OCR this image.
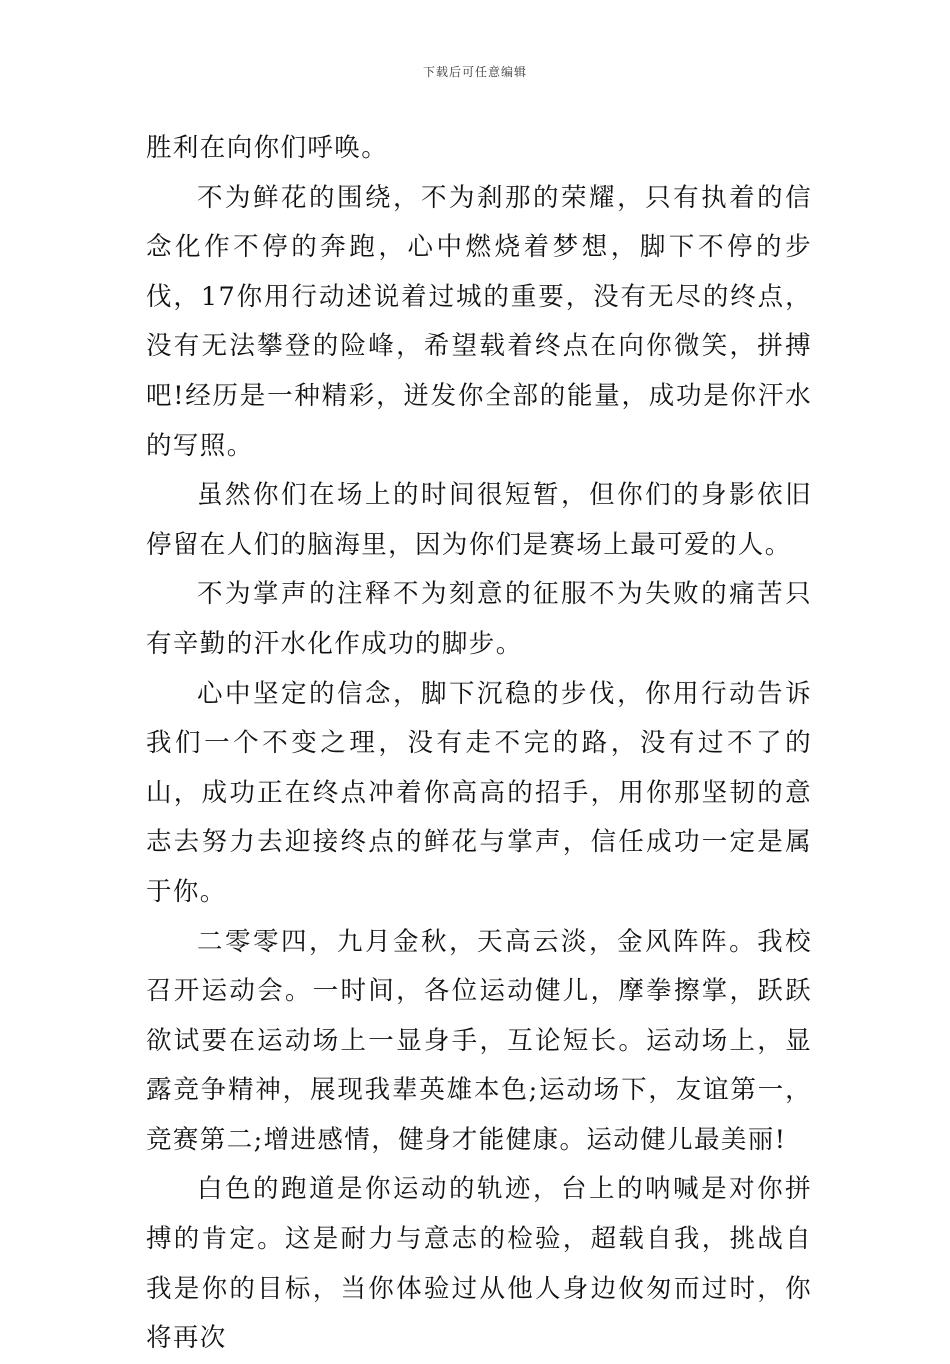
下载后可任意编辑

胜利在向你们呼唤。

不为鲜花的围绕，不为刹那的荣耀，只有执着的信念化作不停的奔跑，心中燃烧着梦想，脚下不停的步伐，17你用行动述说着过城的重要，没有无尽的终点，没有无法攀登的险峰，希望载着终点在向你微笑，拼搏吧!经历是一种精彩，迸发你全部的能量，成功是你汗水的写照。

虽然你们在场上的时间很短暂，但你们的身影依旧停留在人们的脑海里，因为你们是赛场上最可爱的人。

不为掌声的注释不为刻意的征服不为失败的痛苦只有辛勤的汗水化作成功的脚步。

心中坚定的信念，脚下沉稳的步伐，你用行动告诉我们一个不变之理，没有走不完的路，没有过不了的山，成功正在终点冲着你高高的招手，用你那坚韧的意志去努力去迎接终点的鲜花与掌声，信任成功一定是属于你。

二零零四，九月金秋，天高云淡，金风阵阵。我校召开运动会。一时间，各位运动健儿，摩拳擦掌，跃跃欲试要在运动场上一显身手，互论短长。运动场上，显露竞争精神，展现我辈英雄本色;运动场下，友谊第一，竞赛第二;增进感情，健身才能健康。运动健儿最美丽!

白色的跑道是你运动的轨迹，台上的呐喊是对你拼搏的肯定。这是耐力与意志的检验，超载自我，挑战自我是你的目标，当你体验过从他人身边攸匆而过时，你将再次
